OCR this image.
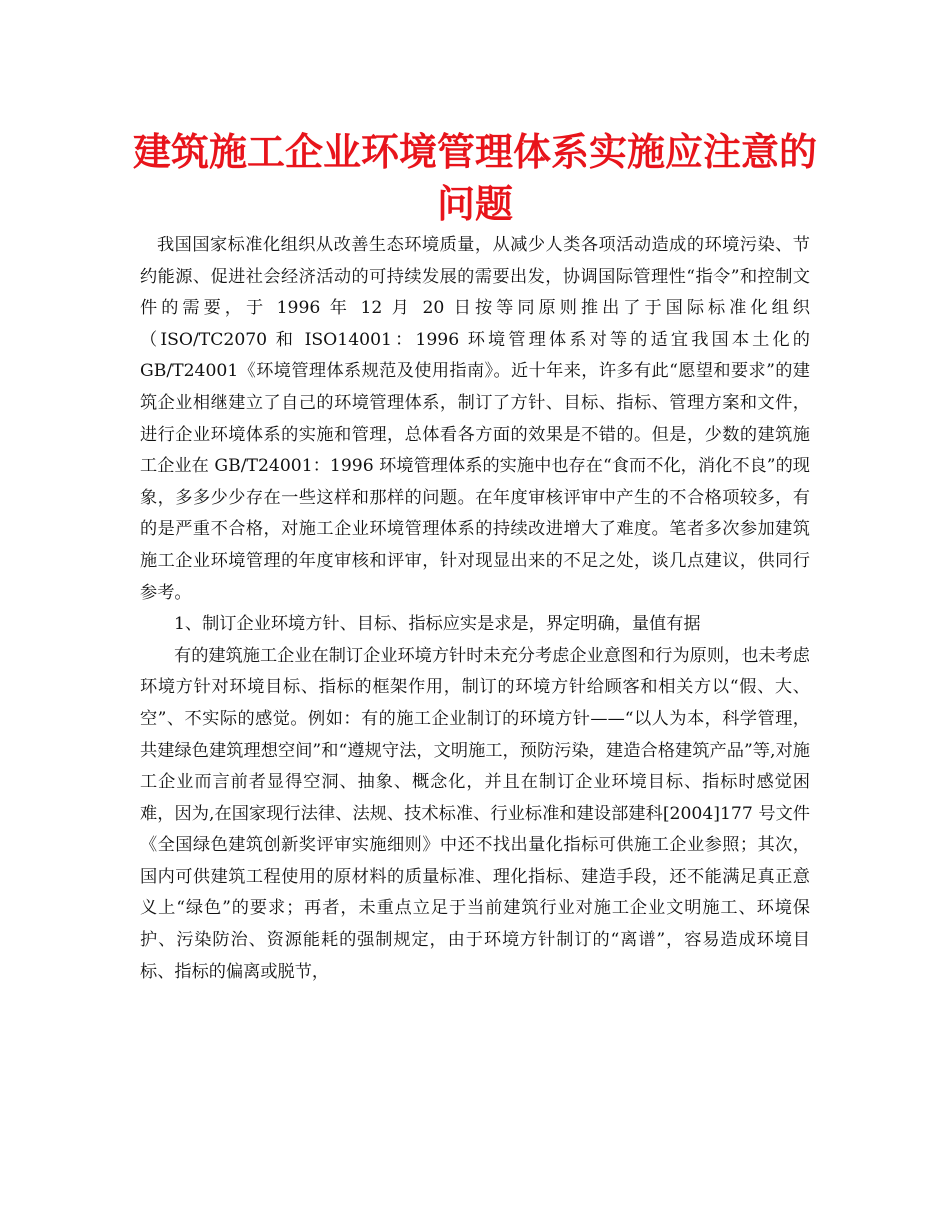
建筑施工企业环境管理体系实施应注意的问题

我国国家标准化组织从改善生态环境质量，从减少人类各项活动造成的环境污染、节约能源、促进社会经济活动的可持续发展的需要出发，协调国际管理性“指令”和控制文件的需要，于 1996 年 12 月 20 日按等同原则推出了于国际标准化组织（ISO/TC2070 和 ISO14001：1996 环境管理体系对等的适宜我国本土化的 GB/T24001《环境管理体系规范及使用指南》。近十年来，许多有此“愿望和要求”的建筑企业相继建立了自己的环境管理体系，制订了方针、目标、指标、管理方案和文件，进行企业环境体系的实施和管理，总体看各方面的效果是不错的。但是，少数的建筑施工企业在 GB/T24001：1996 环境管理体系的实施中也存在“食而不化，消化不良”的现象，多多少少存在一些这样和那样的问题。在年度审核评审中产生的不合格项较多，有的是严重不合格，对施工企业环境管理体系的持续改进增大了难度。笔者多次参加建筑施工企业环境管理的年度审核和评审，针对现显出来的不足之处，谈几点建议，供同行参考。

1、制订企业环境方针、目标、指标应实是求是，界定明确，量值有据

有的建筑施工企业在制订企业环境方针时未充分考虑企业意图和行为原则，也未考虑环境方针对环境目标、指标的框架作用，制订的环境方针给顾客和相关方以“假、大、空”、不实际的感觉。例如：有的施工企业制订的环境方针——“以人为本，科学管理，共建绿色建筑理想空间”和“遵规守法，文明施工，预防污染，建造合格建筑产品”等,对施工企业而言前者显得空洞、抽象、概念化，并且在制订企业环境目标、指标时感觉困难，因为,在国家现行法律、法规、技术标准、行业标准和建设部建科[2004]177 号文件《全国绿色建筑创新奖评审实施细则》中还不找出量化指标可供施工企业参照；其次，国内可供建筑工程使用的原材料的质量标准、理化指标、建造手段，还不能满足真正意义上“绿色”的要求；再者，未重点立足于当前建筑行业对施工企业文明施工、环境保护、污染防治、资源能耗的强制规定，由于环境方针制订的“离谱”，容易造成环境目标、指标的偏离或脱节，
